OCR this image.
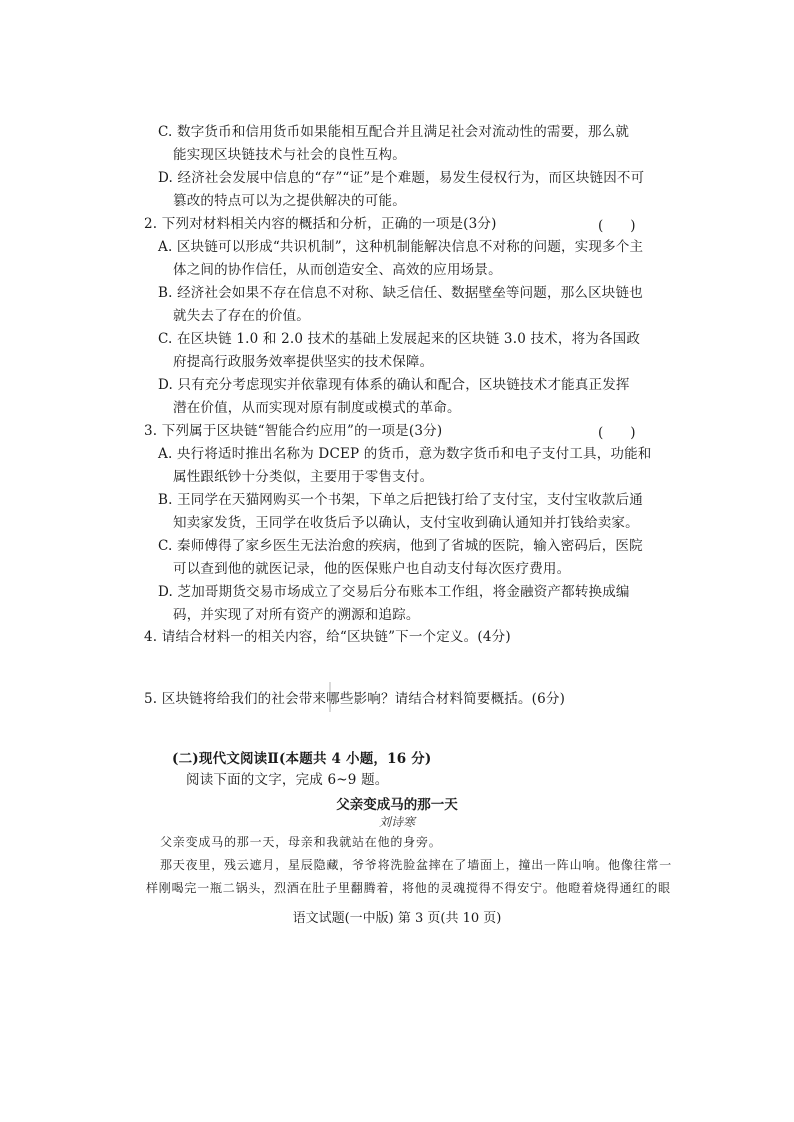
C. 数字货币和信用货币如果能相互配合并且满足社会对流动性的需要，那么就
能实现区块链技术与社会的良性互构。
D. 经济社会发展中信息的“存”“证”是个难题，易发生侵权行为，而区块链因不可
篡改的特点可以为之提供解决的可能。
2. 下列对材料相关内容的概括和分析，正确的一项是(3分)	(　　)
A. 区块链可以形成“共识机制”，这种机制能解决信息不对称的问题，实现多个主
体之间的协作信任，从而创造安全、高效的应用场景。
B. 经济社会如果不存在信息不对称、缺乏信任、数据壁垒等问题，那么区块链也
就失去了存在的价值。
C. 在区块链 1.0 和 2.0 技术的基础上发展起来的区块链 3.0 技术，将为各国政
府提高行政服务效率提供坚实的技术保障。
D. 只有充分考虑现实并依靠现有体系的确认和配合，区块链技术才能真正发挥
潜在价值，从而实现对原有制度或模式的革命。
3. 下列属于区块链“智能合约应用”的一项是(3分)	(　　)
A. 央行将适时推出名称为 DCEP 的货币，意为数字货币和电子支付工具，功能和
属性跟纸钞十分类似，主要用于零售支付。
B. 王同学在天猫网购买一个书架，下单之后把钱打给了支付宝，支付宝收款后通
知卖家发货，王同学在收货后予以确认，支付宝收到确认通知并打钱给卖家。
C. 秦师傅得了家乡医生无法治愈的疾病，他到了省城的医院，输入密码后，医院
可以查到他的就医记录，他的医保账户也自动支付每次医疗费用。
D. 芝加哥期货交易市场成立了交易后分布账本工作组，将金融资产都转换成编
码，并实现了对所有资产的溯源和追踪。
4. 请结合材料一的相关内容，给“区块链”下一个定义。(4分)
5. 区块链将给我们的社会带来哪些影响？请结合材料简要概括。(6分)
(二)现代文阅读Ⅱ(本题共 4 小题，16 分)
阅读下面的文字，完成 6~9 题。
父亲变成马的那一天
刘诗寒
父亲变成马的那一天，母亲和我就站在他的身旁。
那天夜里，残云遮月，星辰隐藏，爷爷将洗脸盆摔在了墙面上，撞出一阵山响。他像往常一
样刚喝完一瓶二锅头，烈酒在肚子里翻腾着，将他的灵魂搅得不得安宁。他瞪着烧得通红的眼
语文试题(一中版) 第 3 页(共 10 页)
